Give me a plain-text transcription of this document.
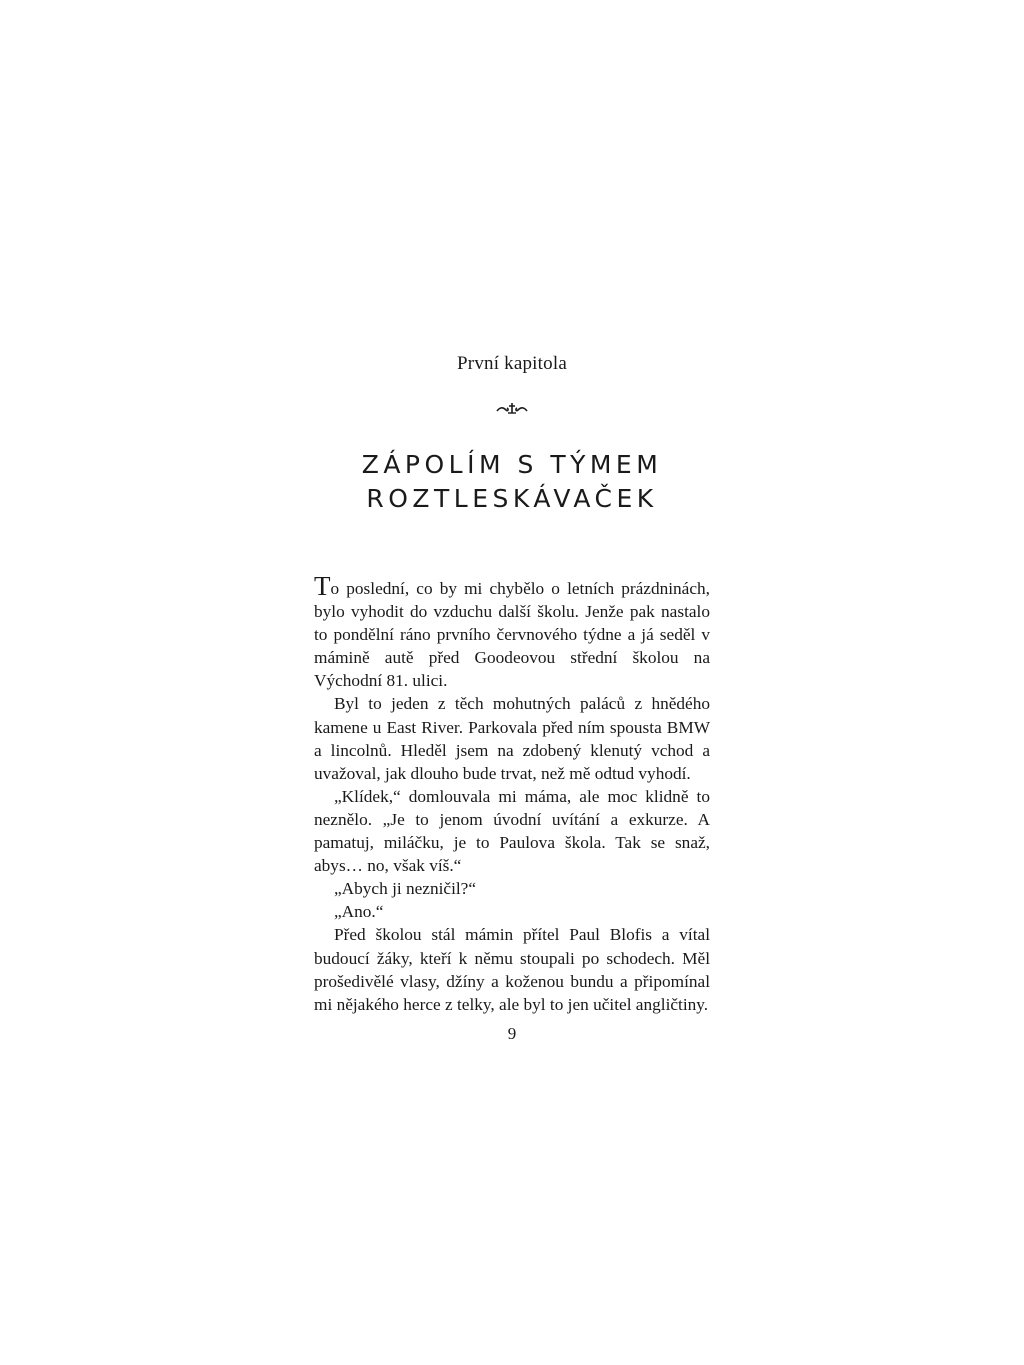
První kapitola
ZÁPOLÍM S TÝMEM
ROZTLESKÁVAČEK

To poslední, co by mi chybělo o letních prázdninách, bylo vyhodit do vzduchu další školu. Jenže pak nastalo to pondělní ráno prvního červnového týdne a já seděl v mámině autě před Goodeovou střední školou na Východní 81. ulici.

Byl to jeden z těch mohutných paláců z hnědého kamene u East River. Parkovala před ním spousta BMW a lincolnů. Hleděl jsem na zdobený klenutý vchod a uvažoval, jak dlouho bude trvat, než mě odtud vyhodí.

„Klídek,“ domlouvala mi máma, ale moc klidně to neznělo. „Je to jenom úvodní uvítání a exkurze. A pamatuj, miláčku, je to Paulova škola. Tak se snaž, abys… no, však víš.“

„Abych ji nezničil?“

„Ano.“

Před školou stál mámin přítel Paul Blofis a vítal budoucí žáky, kteří k němu stoupali po schodech. Měl prošedivělé vlasy, džíny a koženou bundu a připomínal mi nějakého herce z telky, ale byl to jen učitel angličtiny.

9
